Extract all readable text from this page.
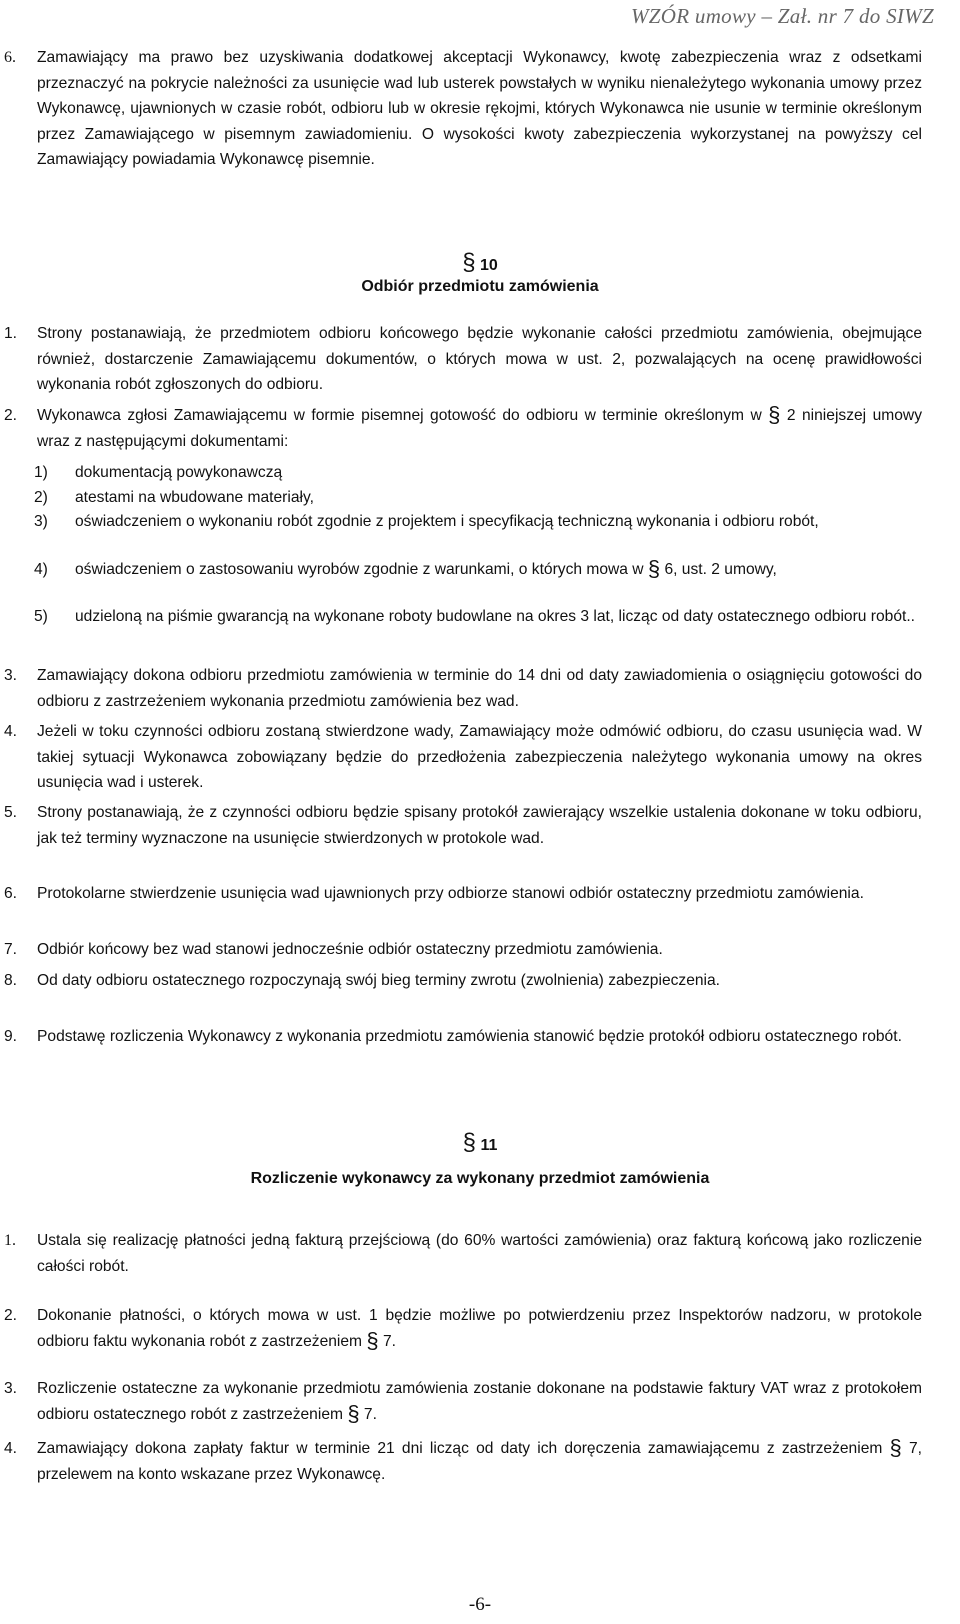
WZÓR umowy – Zał. nr 7 do SIWZ
6. Zamawiający ma prawo bez uzyskiwania dodatkowej akceptacji Wykonawcy, kwotę zabezpieczenia wraz z odsetkami przeznaczyć na pokrycie należności za usunięcie wad lub usterek powstałych w wyniku nienależytego wykonania umowy przez Wykonawcę, ujawnionych w czasie robót, odbioru lub w okresie rękojmi, których Wykonawca nie usunie w terminie określonym przez Zamawiającego w pisemnym zawiadomieniu. O wysokości kwoty zabezpieczenia wykorzystanej na powyższy cel Zamawiający powiadamia Wykonawcę pisemnie.
§ 10
Odbiór przedmiotu zamówienia
1. Strony postanawiają, że przedmiotem odbioru końcowego będzie wykonanie całości przedmiotu zamówienia, obejmujące również, dostarczenie Zamawiającemu dokumentów, o których mowa w ust. 2, pozwalających na ocenę prawidłowości wykonania robót zgłoszonych do odbioru.
2. Wykonawca zgłosi Zamawiającemu w formie pisemnej gotowość do odbioru w terminie określonym w § 2 niniejszej umowy wraz z następującymi dokumentami:
1) dokumentacją powykonawczą
2) atestami na wbudowane materiały,
3) oświadczeniem o wykonaniu robót zgodnie z projektem i specyfikacją techniczną wykonania i odbioru robót,
4) oświadczeniem o zastosowaniu wyrobów zgodnie z warunkami, o których mowa w § 6, ust. 2 umowy,
5) udzieloną na piśmie gwarancją na wykonane roboty budowlane na okres 3 lat, licząc od daty ostatecznego odbioru robót..
3. Zamawiający dokona odbioru przedmiotu zamówienia w terminie do 14 dni od daty zawiadomienia o osiągnięciu gotowości do odbioru z zastrzeżeniem wykonania przedmiotu zamówienia bez wad.
4. Jeżeli w toku czynności odbioru zostaną stwierdzone wady, Zamawiający może odmówić odbioru, do czasu usunięcia wad. W takiej sytuacji Wykonawca zobowiązany będzie do przedłożenia zabezpieczenia należytego wykonania umowy na okres usunięcia wad i usterek.
5. Strony postanawiają, że z czynności odbioru będzie spisany protokół zawierający wszelkie ustalenia dokonane w toku odbioru, jak też terminy wyznaczone na usunięcie stwierdzonych w protokole wad.
6. Protokolarne stwierdzenie usunięcia wad ujawnionych przy odbiorze stanowi odbiór ostateczny przedmiotu zamówienia.
7. Odbiór końcowy bez wad stanowi jednocześnie odbiór ostateczny przedmiotu zamówienia.
8. Od daty odbioru ostatecznego rozpoczynają swój bieg terminy zwrotu (zwolnienia) zabezpieczenia.
9. Podstawę rozliczenia Wykonawcy z wykonania przedmiotu zamówienia stanowić będzie protokół odbioru ostatecznego robót.
§ 11
Rozliczenie wykonawcy za wykonany przedmiot zamówienia
1. Ustala się realizację płatności jedną fakturą przejściową (do 60% wartości zamówienia) oraz fakturą końcową jako rozliczenie całości robót.
2. Dokonanie płatności, o których mowa w ust. 1 będzie możliwe po potwierdzeniu przez Inspektorów nadzoru, w protokole odbioru faktu wykonania robót z zastrzeżeniem § 7.
3. Rozliczenie ostateczne za wykonanie przedmiotu zamówienia zostanie dokonane na podstawie faktury VAT wraz z protokołem odbioru ostatecznego robót z zastrzeżeniem § 7.
4. Zamawiający dokona zapłaty faktur w terminie 21 dni licząc od daty ich doręczenia zamawiającemu z zastrzeżeniem § 7, przelewem na konto wskazane przez Wykonawcę.
-6-
